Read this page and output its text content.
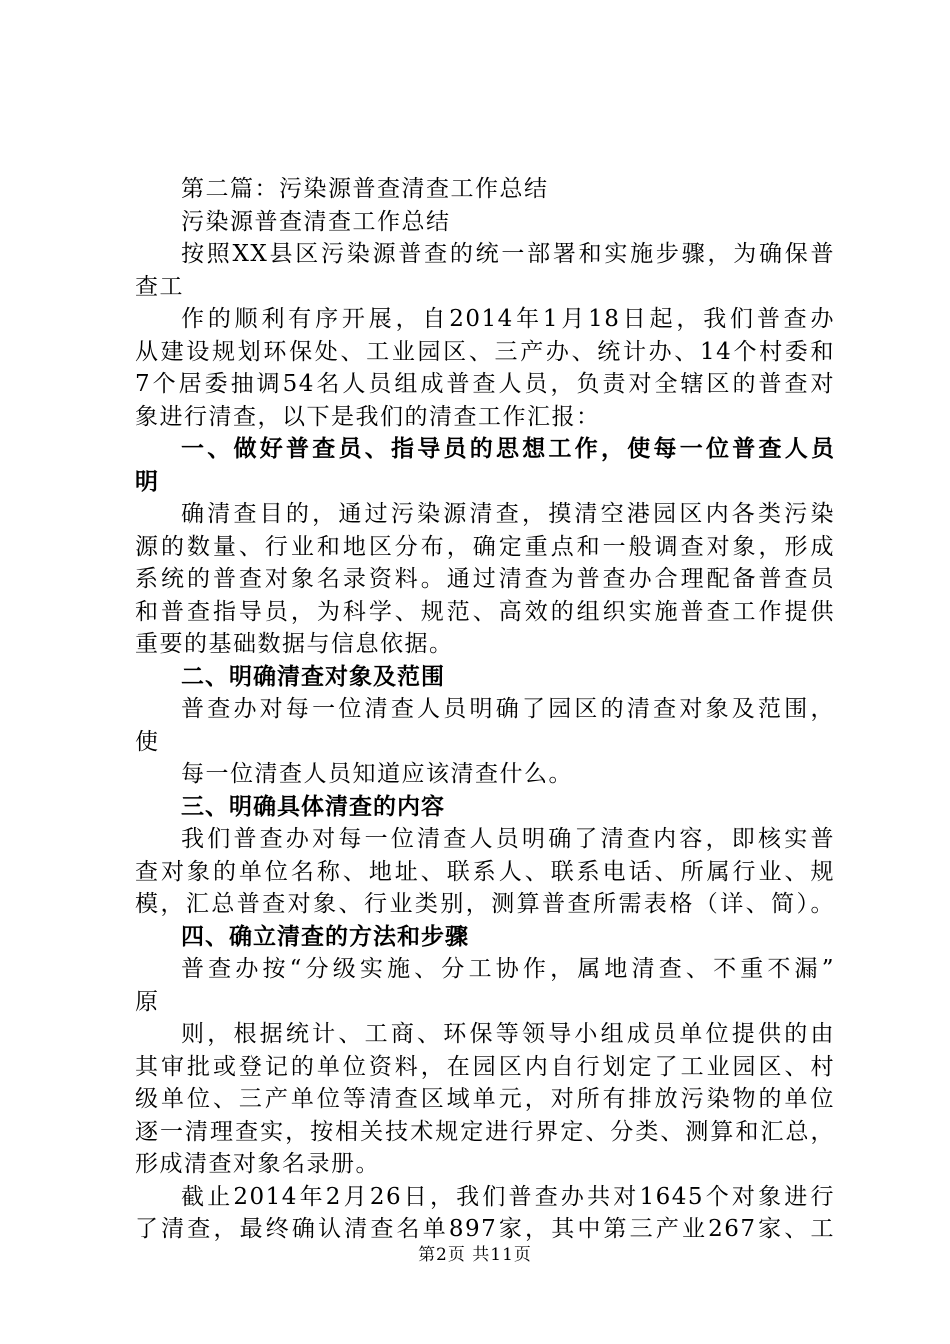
第二篇：污染源普查清查工作总结
污染源普查清查工作总结
按照XX县区污染源普查的统一部署和实施步骤，为确保普
查工
作的顺利有序开展，自2014年1月18日起，我们普查办
从建设规划环保处、工业园区、三产办、统计办、14个村委和
7个居委抽调54名人员组成普查人员，负责对全辖区的普查对
象进行清查，以下是我们的清查工作汇报：
一、做好普查员、指导员的思想工作，使每一位普查人员
明
确清查目的，通过污染源清查，摸清空港园区内各类污染
源的数量、行业和地区分布，确定重点和一般调查对象，形成
系统的普查对象名录资料。通过清查为普查办合理配备普查员
和普查指导员，为科学、规范、高效的组织实施普查工作提供
重要的基础数据与信息依据。
二、明确清查对象及范围
普查办对每一位清查人员明确了园区的清查对象及范围，
使
每一位清查人员知道应该清查什么。
三、明确具体清查的内容
我们普查办对每一位清查人员明确了清查内容，即核实普
查对象的单位名称、地址、联系人、联系电话、所属行业、规
模，汇总普查对象、行业类别，测算普查所需表格（详、简）。
四、确立清查的方法和步骤
普查办按“分级实施、分工协作，属地清查、不重不漏”
原
则，根据统计、工商、环保等领导小组成员单位提供的由
其审批或登记的单位资料，在园区内自行划定了工业园区、村
级单位、三产单位等清查区域单元，对所有排放污染物的单位
逐一清理查实，按相关技术规定进行界定、分类、测算和汇总，
形成清查对象名录册。
截止2014年2月26日，我们普查办共对1645个对象进行
了清查，最终确认清查名单897家，其中第三产业267家、工
第2页 共11页
